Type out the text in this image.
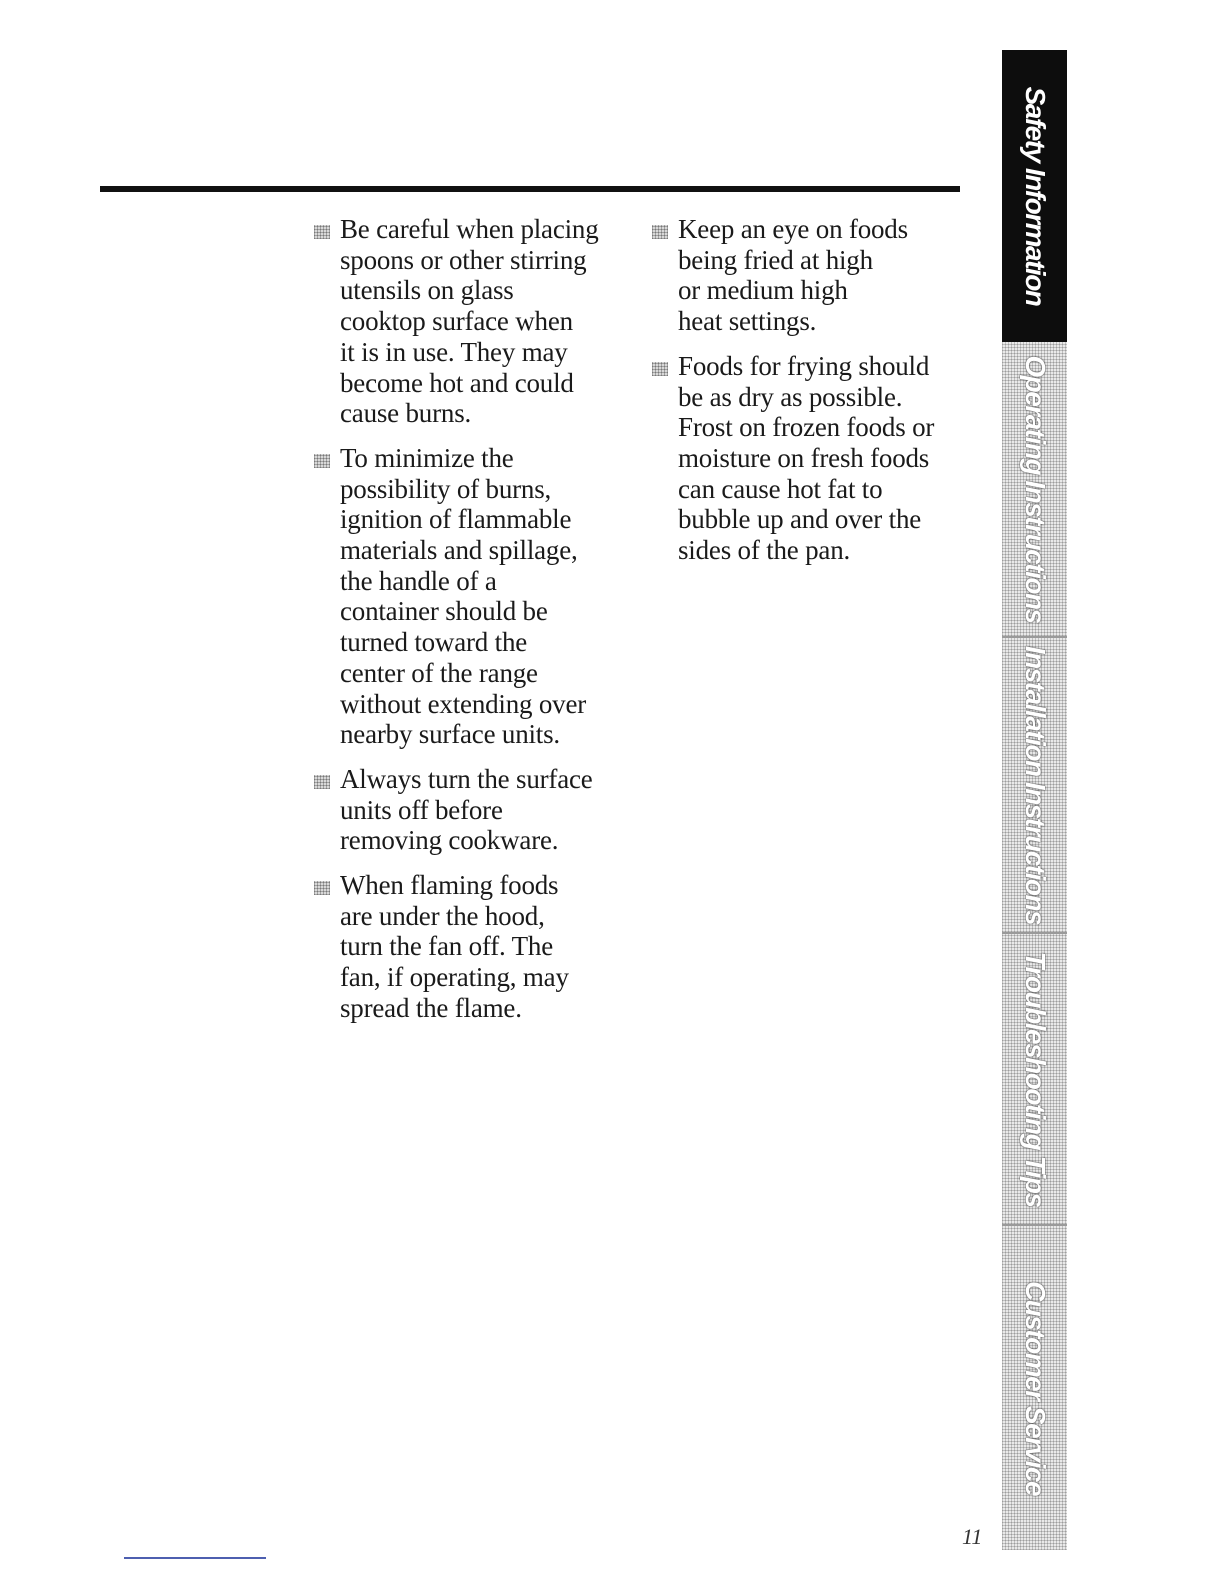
Be careful when placing
spoons or other stirring
utensils on glass
cooktop surface when
it is in use. They may
become hot and could
cause burns.
To minimize the
possibility of burns,
ignition of flammable
materials and spillage,
the handle of a
container should be
turned toward the
center of the range
without extending over
nearby surface units.
Always turn the surface
units off before
removing cookware.
When flaming foods
are under the hood,
turn the fan off. The
fan, if operating, may
spread the flame.
Keep an eye on foods
being fried at high
or medium high
heat settings.
Foods for frying should
be as dry as possible.
Frost on frozen foods or
moisture on fresh foods
can cause hot fat to
bubble up and over the
sides of the pan.
Safety Information
Operating Instructions
Installation Instructions
Troubleshooting Tips
Customer Service
11
